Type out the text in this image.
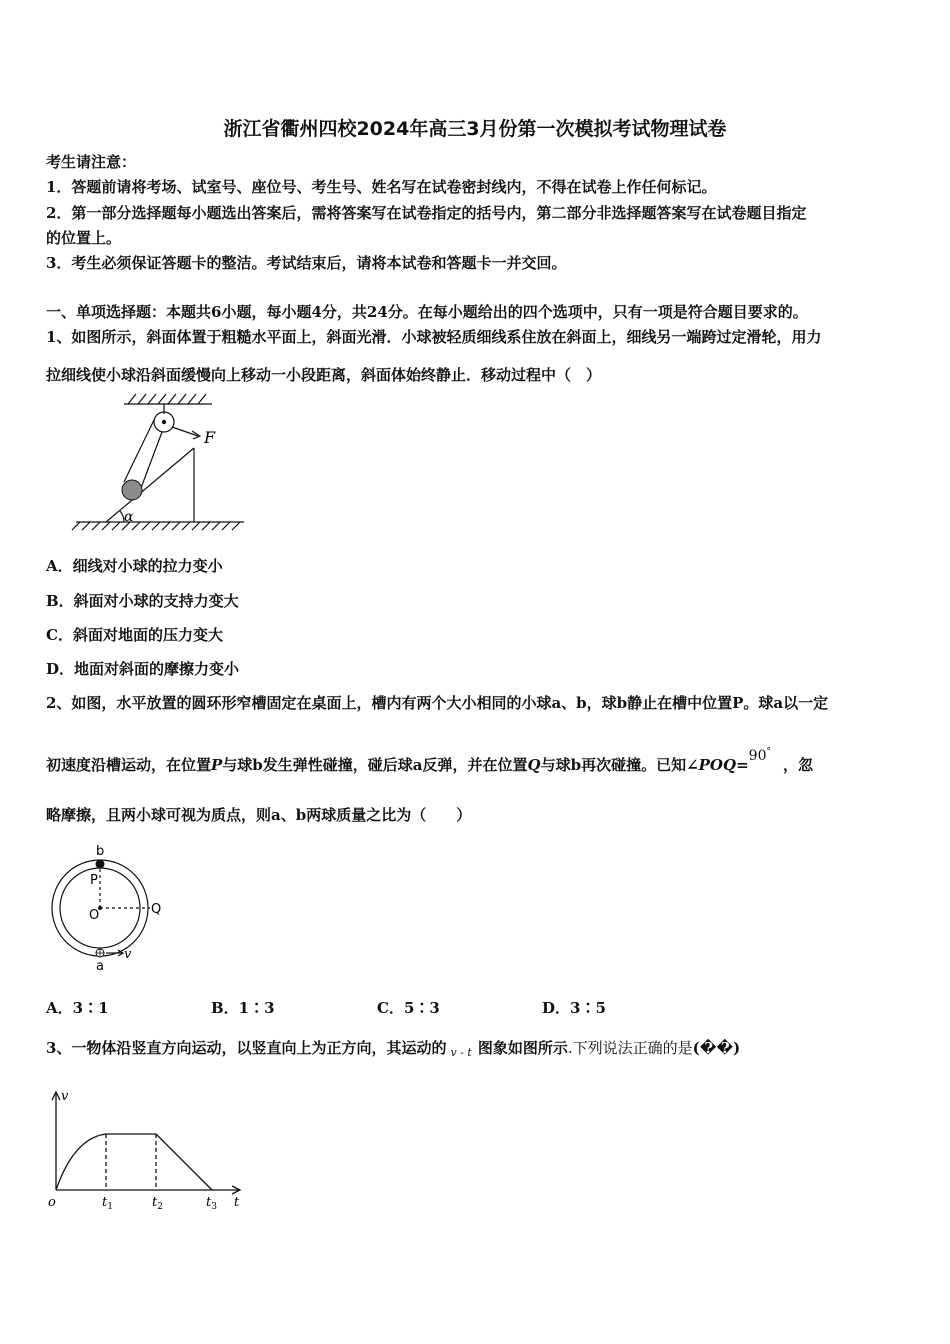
浙江省衢州四校2024年高三3月份第一次模拟考试物理试卷
考生请注意：
1．答题前请将考场、试室号、座位号、考生号、姓名写在试卷密封线内，不得在试卷上作任何标记。
2．第一部分选择题每小题选出答案后，需将答案写在试卷指定的括号内，第二部分非选择题答案写在试卷题目指定
的位置上。
3．考生必须保证答题卡的整洁。考试结束后，请将本试卷和答题卡一并交回。
一、单项选择题：本题共6小题，每小题4分，共24分。在每小题给出的四个选项中，只有一项是符合题目要求的。
1、如图所示，斜面体置于粗糙水平面上，斜面光滑．小球被轻质细线系住放在斜面上，细线另一端跨过定滑轮，用力
拉细线使小球沿斜面缓慢向上移动一小段距离，斜面体始终静止．移动过程中（　）
F
α
A．细线对小球的拉力变小
B．斜面对小球的支持力变大
C．斜面对地面的压力变大
D．地面对斜面的摩擦力变小
2、如图，水平放置的圆环形窄槽固定在桌面上，槽内有两个大小相同的小球a、b，球b静止在槽中位置P。球a以一定
初速度沿槽运动，在位置P与球b发生弹性碰撞，碰后球a反弹，并在位置Q与球b再次碰撞。已知∠POQ=90°，忽
略摩擦，且两小球可视为质点，则a、b两球质量之比为（　　）
b
P
O	Q
a
v
A．3∶1	B．1∶3	C．5∶3	D．3∶5
3、一物体沿竖直方向运动，以竖直向上为正方向，其运动的 $_{v - t}$ 图象如图所示.下列说法正确的是(��)
v
o	$t_1$	$t_2$	$t_3$ t
